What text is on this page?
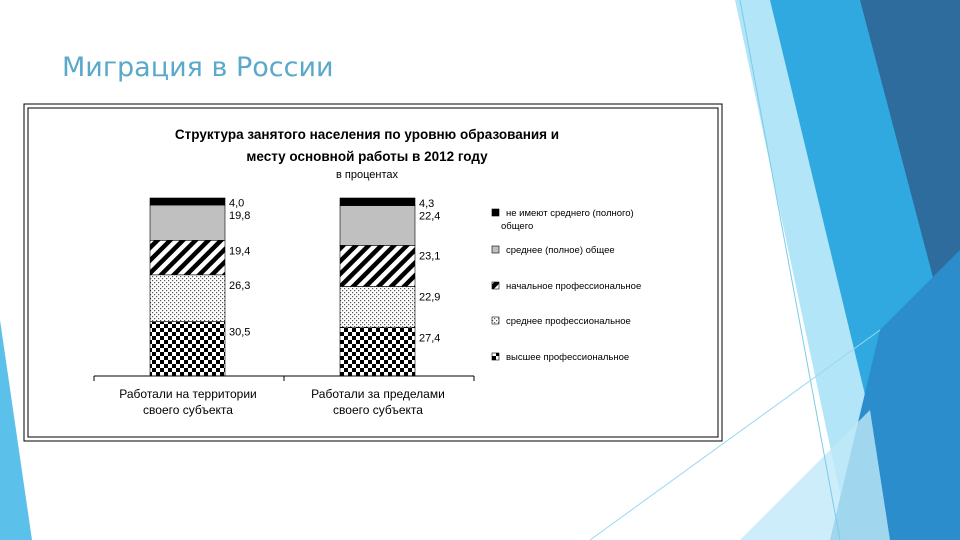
Миграция в России
Структура занятого населения по уровню образования и
месту основной работы в 2012 году
в процентах
4,0
19,8
19,4
26,3
30,5
4,3
22,4
23,1
22,9
27,4
Работали на территории
своего субъекта
Работали за пределами
своего субъекта
не имеют среднего (полного)
общего
среднее (полное) общее
начальное профессиональное
среднее профессиональное
высшее профессиональное
